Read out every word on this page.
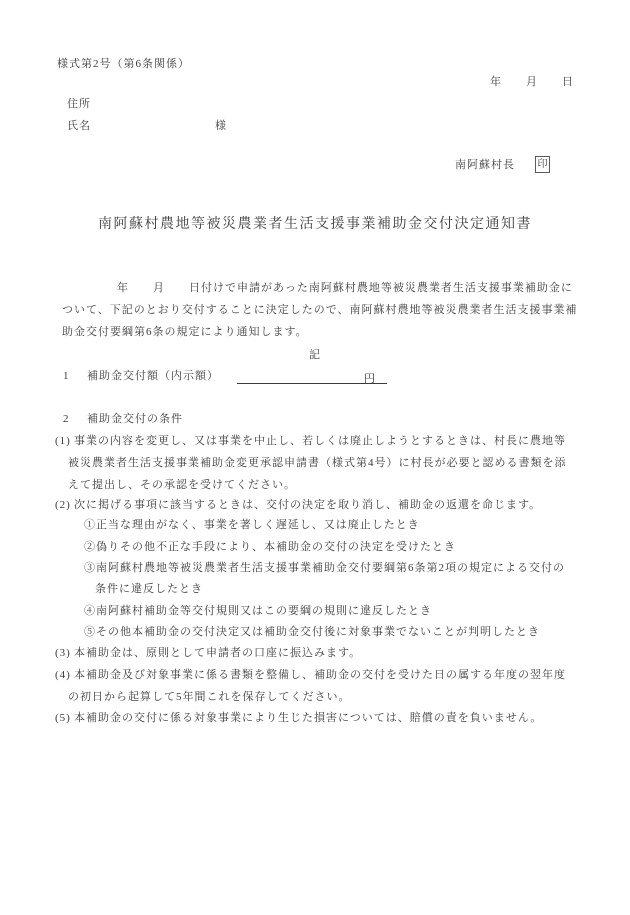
様式第2号（第6条関係）
年　　月　　日
住所
氏名	様
南阿蘇村長 印
南阿蘇村農地等被災農業者生活支援事業補助金交付決定通知書
年　　月　　日付けで申請があった南阿蘇村農地等被災農業者生活支援事業補助金に
ついて、下記のとおり交付することに決定したので、南阿蘇村農地等被災農業者生活支援事業補
助金交付要綱第6条の規定により通知します。
記
1 補助金交付額（内示額）	円
2 補助金交付の条件
(1) 事業の内容を変更し、又は事業を中止し、若しくは廃止しようとするときは、村長に農地等
被災農業者生活支援事業補助金変更承認申請書（様式第4号）に村長が必要と認める書類を添
えて提出し、その承認を受けてください。
(2) 次に掲げる事項に該当するときは、交付の決定を取り消し、補助金の返還を命じます。
①正当な理由がなく、事業を著しく遅延し、又は廃止したとき
②偽りその他不正な手段により、本補助金の交付の決定を受けたとき
③南阿蘇村農地等被災農業者生活支援事業補助金交付要綱第6条第2項の規定による交付の
条件に違反したとき
④南阿蘇村補助金等交付規則又はこの要綱の規則に違反したとき
⑤その他本補助金の交付決定又は補助金交付後に対象事業でないことが判明したとき
(3) 本補助金は、原則として申請者の口座に振込みます。
(4) 本補助金及び対象事業に係る書類を整備し、補助金の交付を受けた日の属する年度の翌年度
の初日から起算して5年間これを保存してください。
(5) 本補助金の交付に係る対象事業により生じた損害については、賠償の責を負いません。
